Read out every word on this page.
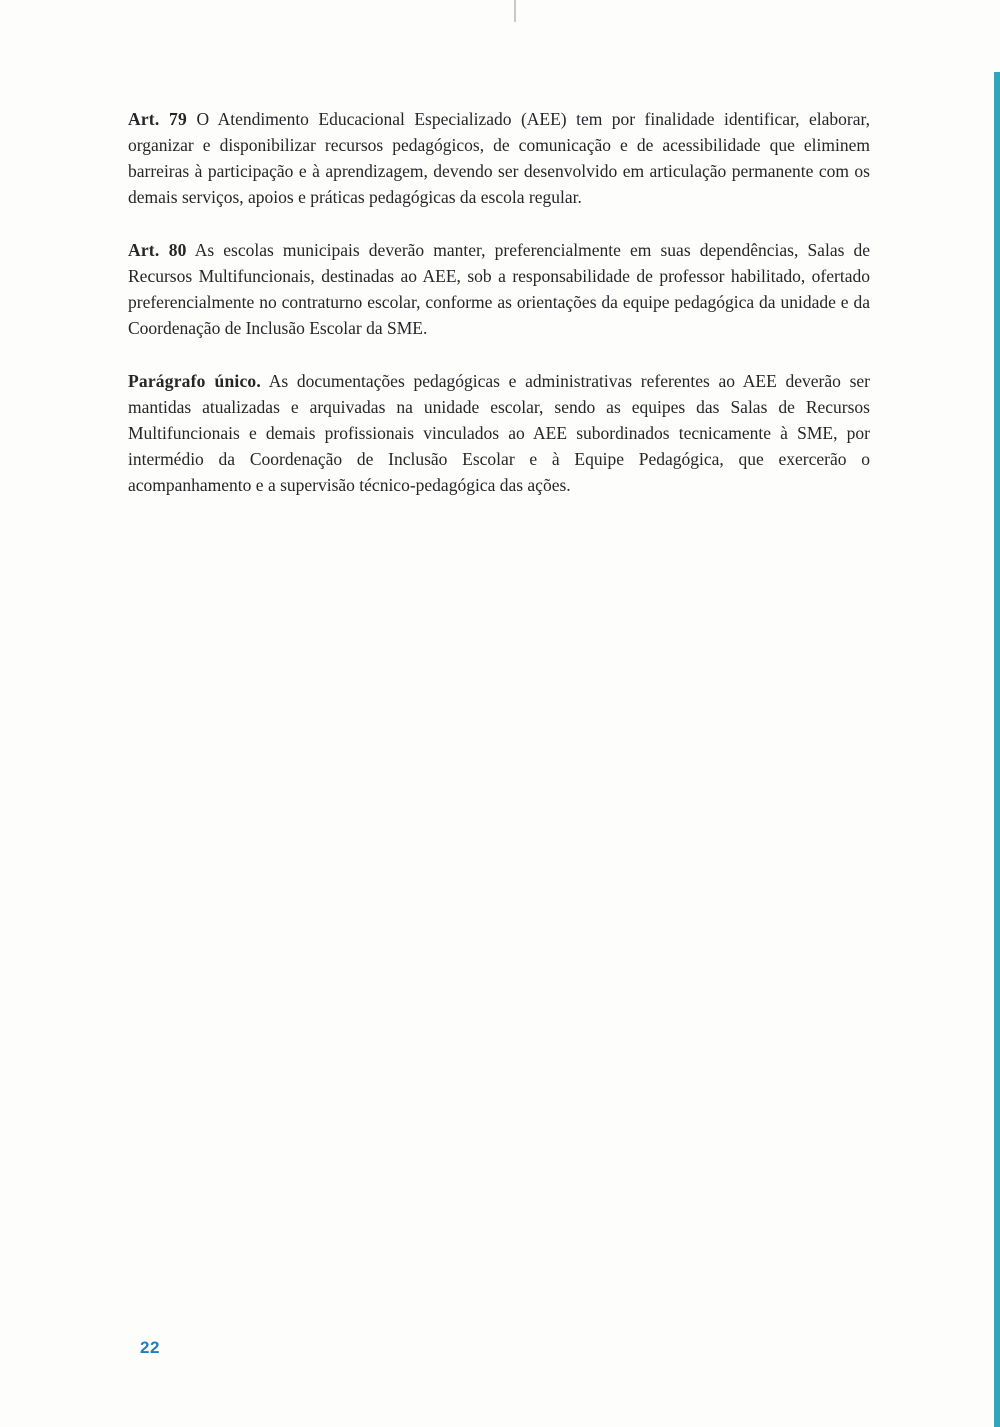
Art. 79 O Atendimento Educacional Especializado (AEE) tem por finalidade identificar, elaborar, organizar e disponibilizar recursos pedagógicos, de comunicação e de acessibilidade que eliminem barreiras à participação e à aprendizagem, devendo ser desenvolvido em articulação permanente com os demais serviços, apoios e práticas pedagógicas da escola regular.

Art. 80 As escolas municipais deverão manter, preferencialmente em suas dependências, Salas de Recursos Multifuncionais, destinadas ao AEE, sob a responsabilidade de professor habilitado, ofertado preferencialmente no contraturno escolar, conforme as orientações da equipe pedagógica da unidade e da Coordenação de Inclusão Escolar da SME.

Parágrafo único. As documentações pedagógicas e administrativas referentes ao AEE deverão ser mantidas atualizadas e arquivadas na unidade escolar, sendo as equipes das Salas de Recursos Multifuncionais e demais profissionais vinculados ao AEE subordinados tecnicamente à SME, por intermédio da Coordenação de Inclusão Escolar e à Equipe Pedagógica, que exercerão o acompanhamento e a supervisão técnico-pedagógica das ações.

22
